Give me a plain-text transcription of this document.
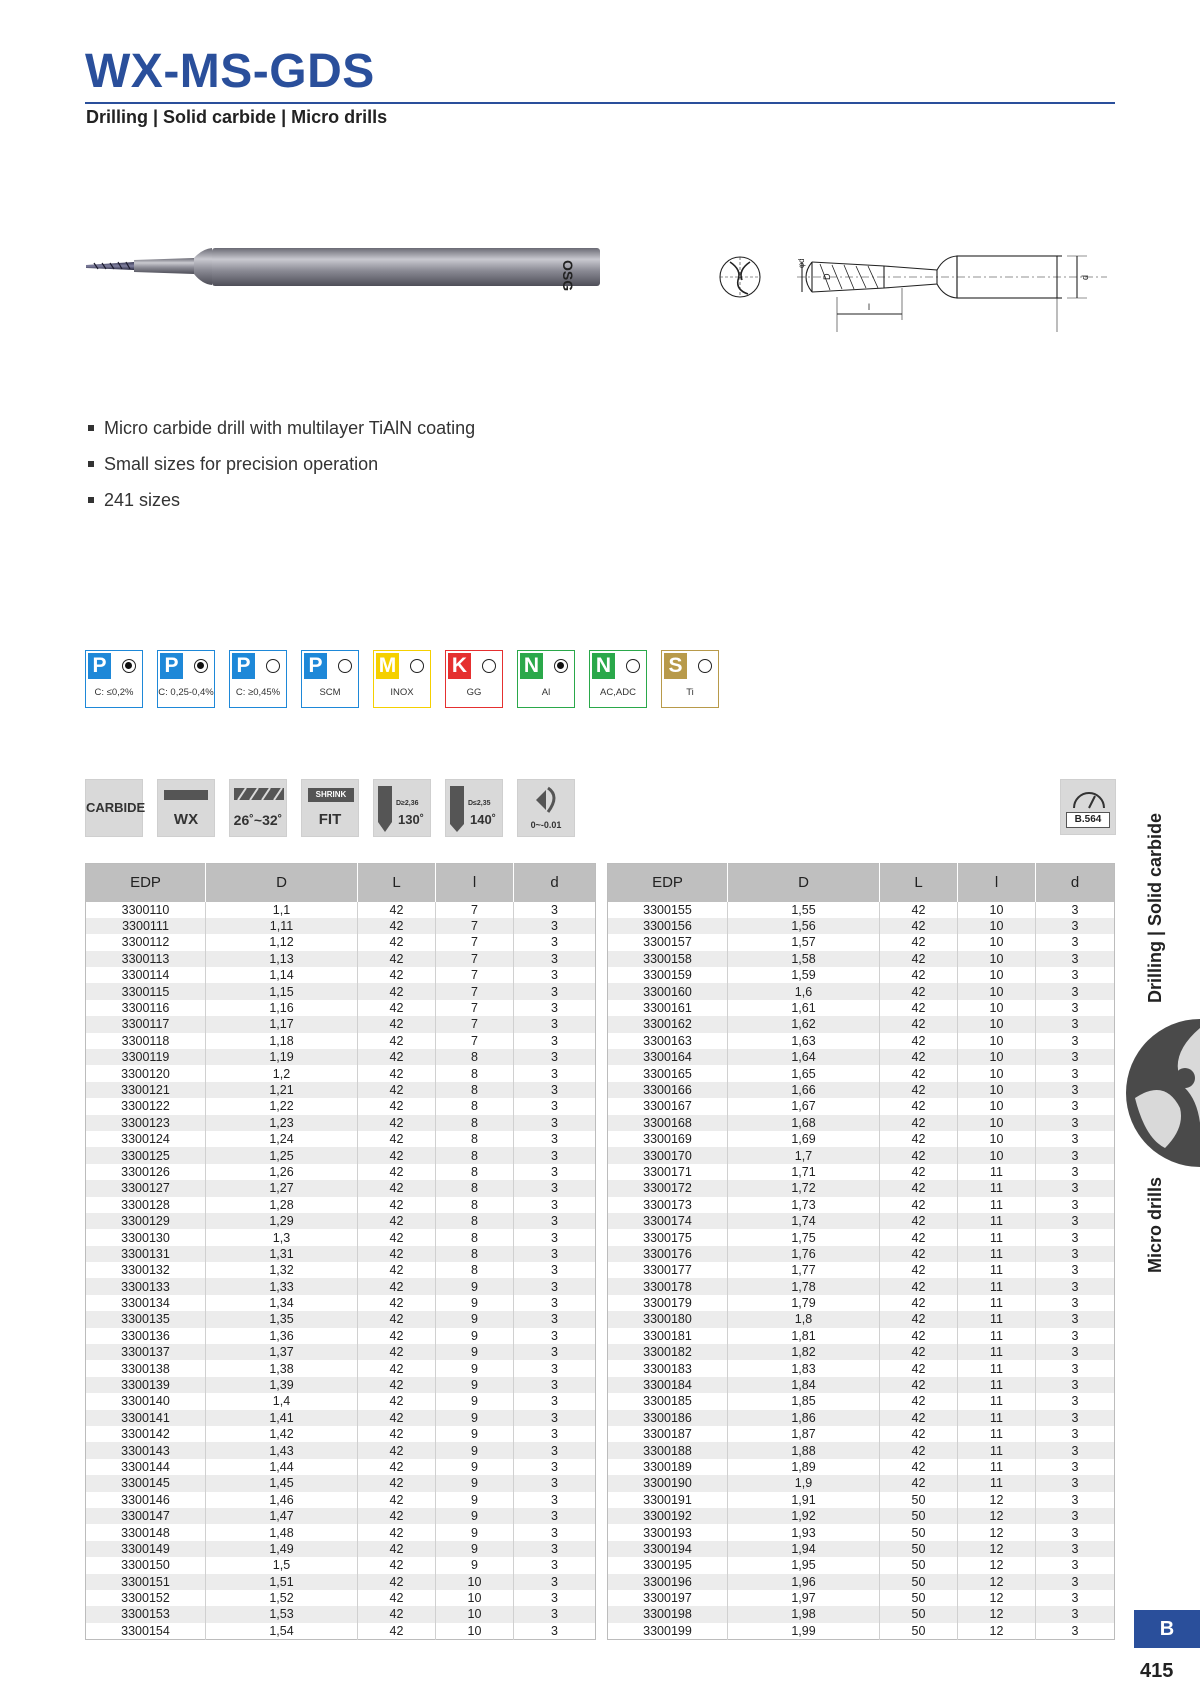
WX-MS-GDS
Drilling | Solid carbide | Micro drills
OSG	D
φd
l
d
Micro carbide drill with multilayer TiAlN coating
Small sizes for precision operation
241 sizes
P
C: ≤0,2%
P
C: 0,25-0,4%
P
C: ≥0,45%
P
SCM
M
INOX
K
GG
N
Al
N
AC,ADC
S
Ti
CARBIDE
WX	26˚~32˚
SHRINK
FIT
D≥2,36
130˚
D≤2,35
140˚	0~-0.01	B.564
EDP	D	L	l	d
3300110	1,1	42	7	3
3300111	1,11	42	7	3
3300112	1,12	42	7	3
3300113	1,13	42	7	3
3300114	1,14	42	7	3
3300115	1,15	42	7	3
3300116	1,16	42	7	3
3300117	1,17	42	7	3
3300118	1,18	42	7	3
3300119	1,19	42	8	3
3300120	1,2	42	8	3
3300121	1,21	42	8	3
3300122	1,22	42	8	3
3300123	1,23	42	8	3
3300124	1,24	42	8	3
3300125	1,25	42	8	3
3300126	1,26	42	8	3
3300127	1,27	42	8	3
3300128	1,28	42	8	3
3300129	1,29	42	8	3
3300130	1,3	42	8	3
3300131	1,31	42	8	3
3300132	1,32	42	8	3
3300133	1,33	42	9	3
3300134	1,34	42	9	3
3300135	1,35	42	9	3
3300136	1,36	42	9	3
3300137	1,37	42	9	3
3300138	1,38	42	9	3
3300139	1,39	42	9	3
3300140	1,4	42	9	3
3300141	1,41	42	9	3
3300142	1,42	42	9	3
3300143	1,43	42	9	3
3300144	1,44	42	9	3
3300145	1,45	42	9	3
3300146	1,46	42	9	3
3300147	1,47	42	9	3
3300148	1,48	42	9	3
3300149	1,49	42	9	3
3300150	1,5	42	9	3
3300151	1,51	42	10	3
3300152	1,52	42	10	3
3300153	1,53	42	10	3
3300154	1,54	42	10	3
EDP	D	L	l	d
3300155	1,55	42	10	3
3300156	1,56	42	10	3
3300157	1,57	42	10	3
3300158	1,58	42	10	3
3300159	1,59	42	10	3
3300160	1,6	42	10	3
3300161	1,61	42	10	3
3300162	1,62	42	10	3
3300163	1,63	42	10	3
3300164	1,64	42	10	3
3300165	1,65	42	10	3
3300166	1,66	42	10	3
3300167	1,67	42	10	3
3300168	1,68	42	10	3
3300169	1,69	42	10	3
3300170	1,7	42	10	3
3300171	1,71	42	11	3
3300172	1,72	42	11	3
3300173	1,73	42	11	3
3300174	1,74	42	11	3
3300175	1,75	42	11	3
3300176	1,76	42	11	3
3300177	1,77	42	11	3
3300178	1,78	42	11	3
3300179	1,79	42	11	3
3300180	1,8	42	11	3
3300181	1,81	42	11	3
3300182	1,82	42	11	3
3300183	1,83	42	11	3
3300184	1,84	42	11	3
3300185	1,85	42	11	3
3300186	1,86	42	11	3
3300187	1,87	42	11	3
3300188	1,88	42	11	3
3300189	1,89	42	11	3
3300190	1,9	42	11	3
3300191	1,91	50	12	3
3300192	1,92	50	12	3
3300193	1,93	50	12	3
3300194	1,94	50	12	3
3300195	1,95	50	12	3
3300196	1,96	50	12	3
3300197	1,97	50	12	3
3300198	1,98	50	12	3
3300199	1,99	50	12	3
Drilling | Solid carbide
Micro drills
B
415
